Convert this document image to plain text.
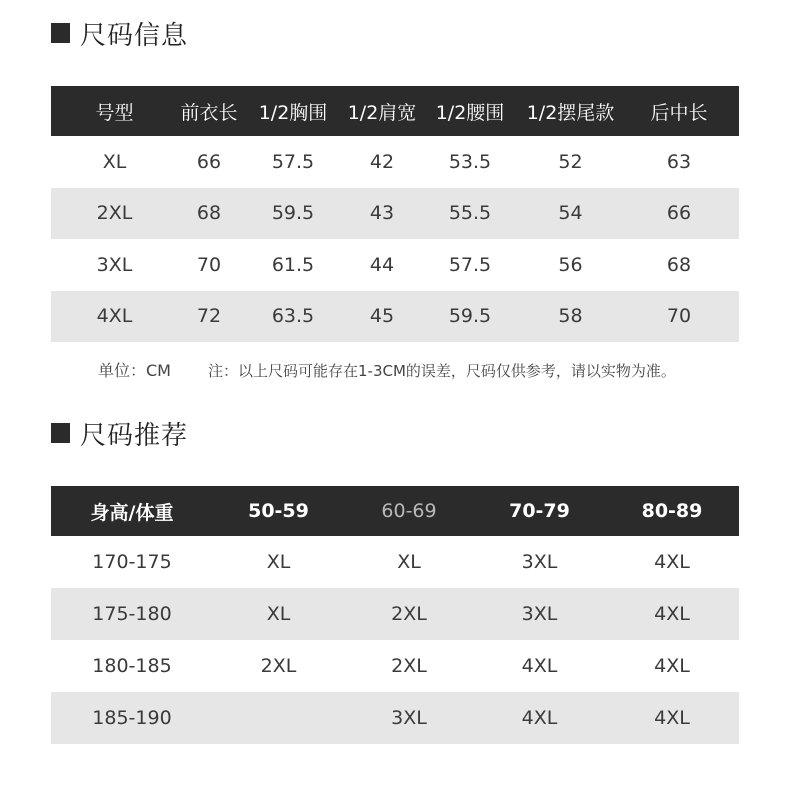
尺码信息
号型	前衣长	1/2胸围	1/2肩宽	1/2腰围	1/2摆尾款	后中长
XL	66	57.5	42	53.5	52	63
2XL	68	59.5	43	55.5	54	66
3XL	70	61.5	44	57.5	56	68
4XL	72	63.5	45	59.5	58	70
单位：CM 注：以上尺码可能存在1-3CM的误差，尺码仅供参考，请以实物为准。
尺码推荐
身高/体重	50-59	60-69	70-79	80-89
170-175	XL	XL	3XL	4XL
175-180	XL	2XL	3XL	4XL
180-185	2XL	2XL	4XL	4XL
185-190		3XL	4XL	4XL
